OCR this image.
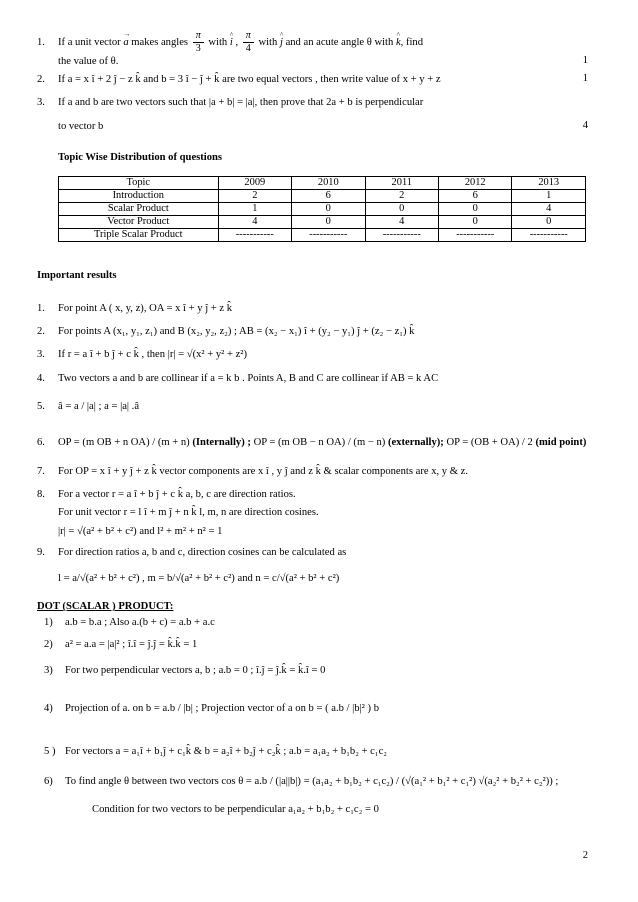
1. If a unit vector → a makes angles $\frac{\pi}{3}$ with ^ i , $\frac{\pi}{4}$ with ^ j and an acute angle θ with ^ k, find
the value of θ.	1
2. If a = x î + 2 ĵ − z k̂ and b = 3 î − ĵ + k̂ are two equal vectors , then write value of x + y + z	1
3. If a and b are two vectors such that |a + b| = |a|, then prove that 2a + b is perpendicular
to vector b	4
Topic Wise Distribution of questions
Topic	2009	2010	2011	2012	2013
Introduction	2	6	2	6	1
Scalar Product	1	0	0	0	4
Vector Product	4	0	4	0	0
Triple Scalar Product	-----------	-----------	-----------	-----------	-----------
Important results
1. For point A ( x, y, z), OA = x î + y ĵ + z k̂
2. For points A (x₁, y₁, z₁) and B (x₂, y₂, z₂) ; AB = (x₂ − x₁) î + (y₂ − y₁) ĵ + (z₂ − z₁) k̂
3. If r = a î + b ĵ + c k̂ , then |r| = √(x² + y² + z²)
4. Two vectors a and b are collinear if a = k b . Points A, B and C are collinear if AB = k AC
5. â = a / |a| ; a = |a| .â
6. OP = (m OB + n OA) / (m + n) (Internally) ; OP = (m OB − n OA) / (m − n) (externally); OP = (OB + OA) / 2 (mid point)
7. For OP = x î + y ĵ + z k̂ vector components are x î , y ĵ and z k̂ & scalar components are x, y & z.
8. For a vector r = a î + b ĵ + c k̂ a, b, c are direction ratios.
For unit vector r = l î + m ĵ + n k̂ l, m, n are direction cosines.
|r| = √(a² + b² + c²) and l² + m² + n² = 1
9. For direction ratios a, b and c, direction cosines can be calculated as
l = a/√(a² + b² + c²) , m = b/√(a² + b² + c²) and n = c/√(a² + b² + c²)
DOT (SCALAR ) PRODUCT:
1) a.b = b.a ; Also a.(b + c) = a.b + a.c
2) a² = a.a = |a|² ; î.î = ĵ.ĵ = k̂.k̂ = 1
3) For two perpendicular vectors a, b ; a.b = 0 ; î.ĵ = ĵ.k̂ = k̂.î = 0
4) Projection of a. on b = a.b / |b| ; Projection vector of a on b = ( a.b / |b|² ) b
5 ) For vectors a = a₁î + b₁ĵ + c₁k̂ & b = a₂î + b₂ĵ + c₂k̂ ; a.b = a₁a₂ + b₁b₂ + c₁c₂
6) To find angle θ between two vectors cos θ = a.b / (|a||b|) = (a₁a₂ + b₁b₂ + c₁c₂) / (√(a₁² + b₁² + c₁²) √(a₂² + b₂² + c₂²)) ;
Condition for two vectors to be perpendicular a₁a₂ + b₁b₂ + c₁c₂ = 0
2
